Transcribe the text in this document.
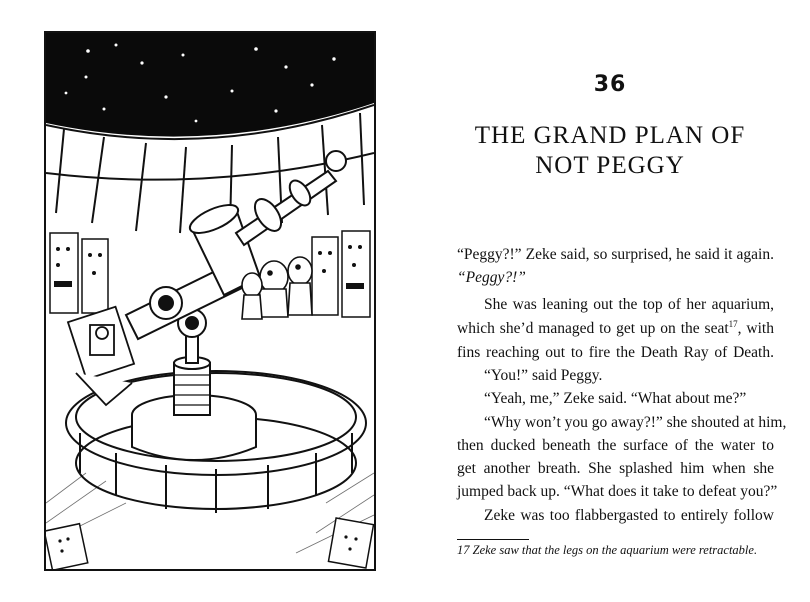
36
THE GRAND PLAN OF
NOT PEGGY
“Peggy?!” Zeke said, so surprised, he said it again.
“Peggy?!”
She was leaning out the top of her aquarium,
which she’d managed to get up on the seat$^{17}$, with
fins reaching out to fire the Death Ray of Death.
“You!” said Peggy.
“Yeah, me,” Zeke said. “What about me?”
“Why won’t you go away?!” she shouted at him,
then ducked beneath the surface of the water to
get another breath. She splashed him when she
jumped back up. “What does it take to defeat you?”
Zeke was too flabbergasted to entirely follow
17 Zeke saw that the legs on the aquarium were retractable.
